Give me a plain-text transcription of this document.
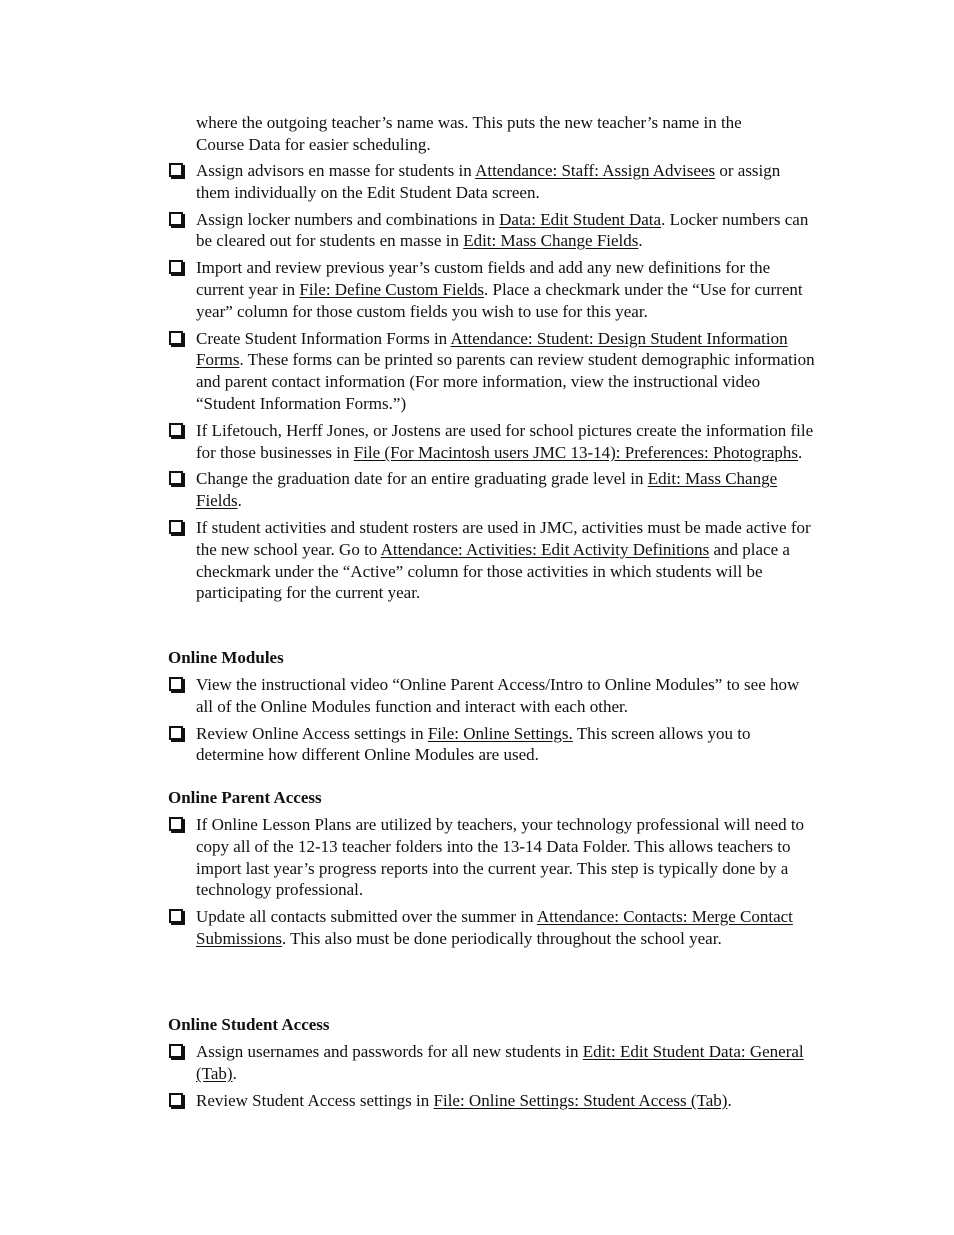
where the outgoing teacher’s name was. This puts the new teacher’s name in the
Course Data for easier scheduling.
Assign advisors en masse for students in Attendance: Staff: Assign Advisees or assign them individually on the Edit Student Data screen.
Assign locker numbers and combinations in Data: Edit Student Data. Locker numbers can be cleared out for students en masse in Edit: Mass Change Fields.
Import and review previous year’s custom fields and add any new definitions for the current year in File: Define Custom Fields. Place a checkmark under the “Use for current year” column for those custom fields you wish to use for this year.
Create Student Information Forms in Attendance: Student: Design Student Information Forms. These forms can be printed so parents can review student demographic information and parent contact information (For more information, view the instructional video “Student Information Forms.”)
If Lifetouch, Herff Jones, or Jostens are used for school pictures create the information file for those businesses in File (For Macintosh users JMC 13-14): Preferences: Photographs.
Change the graduation date for an entire graduating grade level in Edit: Mass Change Fields.
If student activities and student rosters are used in JMC, activities must be made active for the new school year. Go to Attendance: Activities: Edit Activity Definitions and place a checkmark under the “Active” column for those activities in which students will be participating for the current year.
Online Modules
View the instructional video “Online Parent Access/Intro to Online Modules” to see how all of the Online Modules function and interact with each other.
Review Online Access settings in File: Online Settings. This screen allows you to determine how different Online Modules are used.
Online Parent Access
If Online Lesson Plans are utilized by teachers, your technology professional will need to copy all of the 12-13 teacher folders into the 13-14 Data Folder. This allows teachers to import last year’s progress reports into the current year. This step is typically done by a technology professional.
Update all contacts submitted over the summer in Attendance: Contacts: Merge Contact Submissions. This also must be done periodically throughout the school year.
Online Student Access
Assign usernames and passwords for all new students in Edit: Edit Student Data: General (Tab).
Review Student Access settings in File: Online Settings: Student Access (Tab).
